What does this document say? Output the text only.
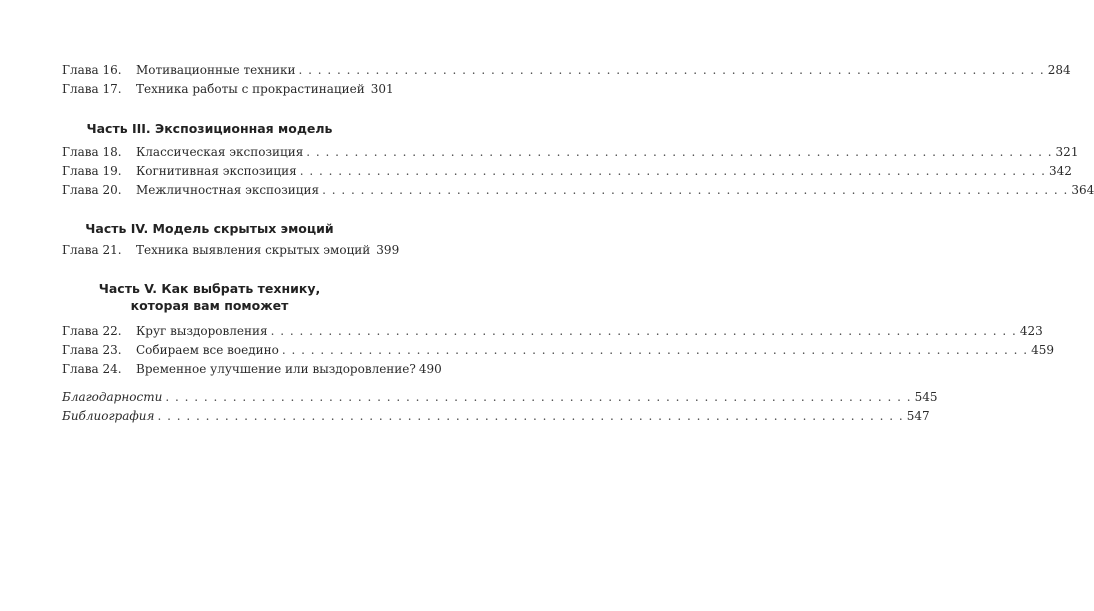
Глава 16.	Мотивационные техники . . .	284
Глава 17.	Техника работы с прокрастинацией 301
Часть III. Экспозиционная модель
Глава 18.	Классическая экспозиция . . .	321
Глава 19.	Когнитивная экспозиция . . .	342
Глава 20.	Межличностная экспозиция . . .	364
Часть IV. Модель скрытых эмоций
Глава 21.	Техника выявления скрытых эмоций 399
Часть V. Как выбрать технику,
которая вам поможет
Глава 22.	Круг выздоровления . . .	423
Глава 23.	Собираем все воедино . . .	459
Глава 24.	Временное улучшение или выздоровление? 490
Благодарности . . .	545
Библиография . . .	547
